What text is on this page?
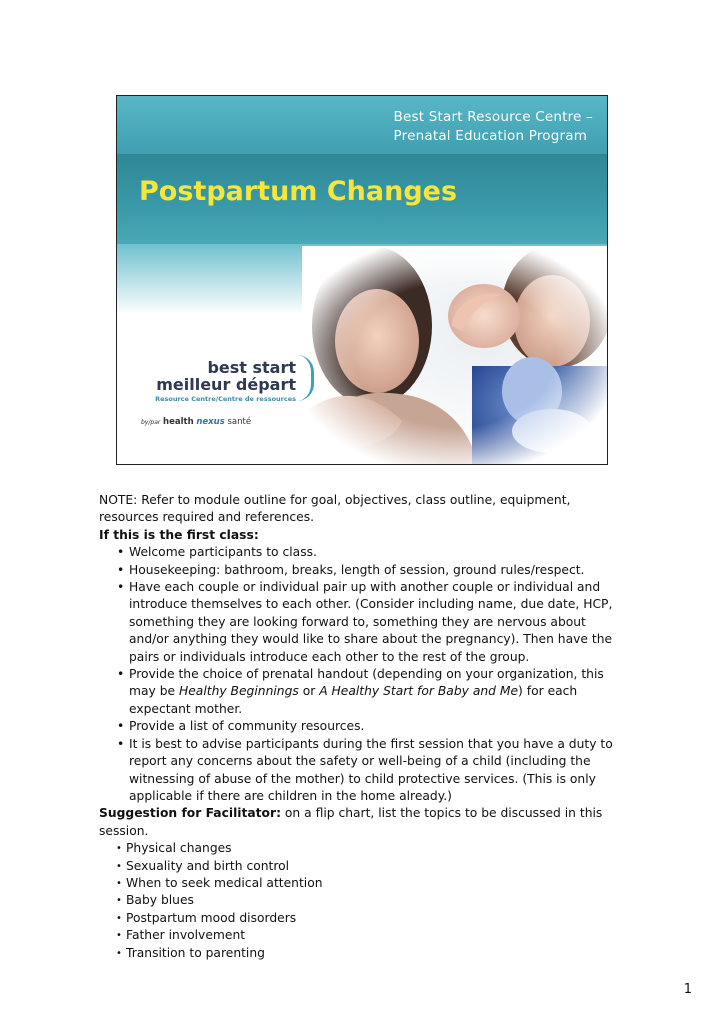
Best Start Resource Centre –
Prenatal Education Program
Postpartum Changes
best start
meilleur départ
Resource Centre/Centre de ressources
by/par health nexus santé

NOTE: Refer to module outline for goal, objectives, class outline, equipment, resources required and references.

If this is the first class:

• Welcome participants to class.
• Housekeeping: bathroom, breaks, length of session, ground rules/respect.
• Have each couple or individual pair up with another couple or individual and introduce themselves to each other. (Consider including name, due date, HCP, something they are looking forward to, something they are nervous about and/or anything they would like to share about the pregnancy). Then have the pairs or individuals introduce each other to the rest of the group.
• Provide the choice of prenatal handout (depending on your organization, this may be Healthy Beginnings or A Healthy Start for Baby and Me) for each expectant mother.
• Provide a list of community resources.
• It is best to advise participants during the first session that you have a duty to report any concerns about the safety or well-being of a child (including the witnessing of abuse of the mother) to child protective services. (This is only applicable if there are children in the home already.)

Suggestion for Facilitator: on a flip chart, list the topics to be discussed in this session.

• Physical changes
• Sexuality and birth control
• When to seek medical attention
• Baby blues
• Postpartum mood disorders
• Father involvement
• Transition to parenting
1
